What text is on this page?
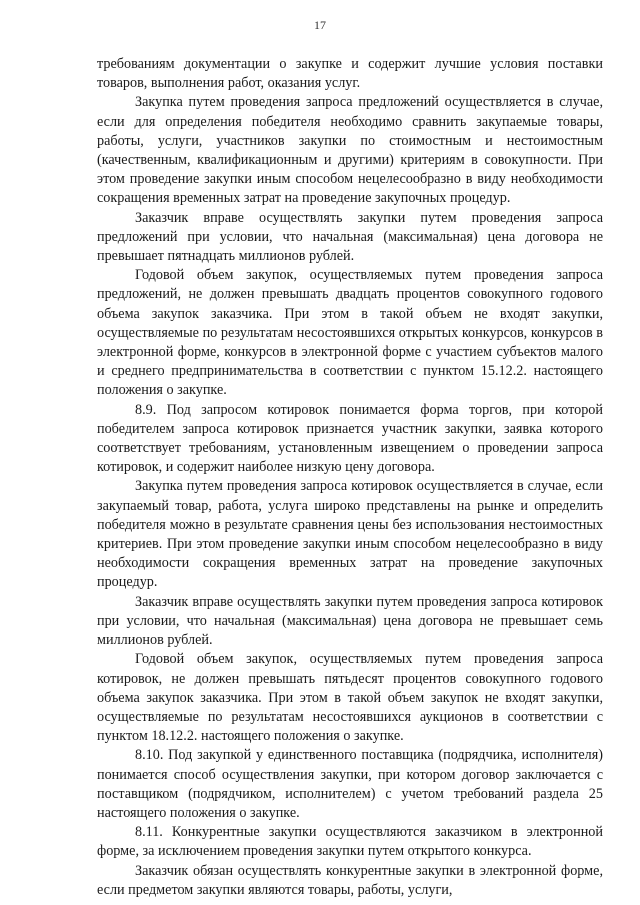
17

требованиям документации о закупке и содержит лучшие условия поставки товаров, выполнения работ, оказания услуг.

Закупка путем проведения запроса предложений осуществляется в случае, если для определения победителя необходимо сравнить закупаемые товары, работы, услуги, участников закупки по стоимостным и нестоимостным (качественным, квалификационным и другими) критериям в совокупности. При этом проведение закупки иным способом нецелесообразно в виду необходимости сокращения временных затрат на проведение закупочных процедур.

Заказчик вправе осуществлять закупки путем проведения запроса предложений при условии, что начальная (максимальная) цена договора не превышает пятнадцать миллионов рублей.

Годовой объем закупок, осуществляемых путем проведения запроса предложений, не должен превышать двадцать процентов совокупного годового объема закупок заказчика. При этом в такой объем не входят закупки, осуществляемые по результатам несостоявшихся открытых конкурсов, конкурсов в электронной форме, конкурсов в электронной форме с участием субъектов малого и среднего предпринимательства в соответствии с пунктом 15.12.2. настоящего положения о закупке.

8.9. Под запросом котировок понимается форма торгов, при которой победителем запроса котировок признается участник закупки, заявка которого соответствует требованиям, установленным извещением о проведении запроса котировок, и содержит наиболее низкую цену договора.

Закупка путем проведения запроса котировок осуществляется в случае, если закупаемый товар, работа, услуга широко представлены на рынке и определить победителя можно в результате сравнения цены без использования нестоимостных критериев. При этом проведение закупки иным способом нецелесообразно в виду необходимости сокращения временных затрат на проведение закупочных процедур.

Заказчик вправе осуществлять закупки путем проведения запроса котировок при условии, что начальная (максимальная) цена договора не превышает семь миллионов рублей.

Годовой объем закупок, осуществляемых путем проведения запроса котировок, не должен превышать пятьдесят процентов совокупного годового объема закупок заказчика. При этом в такой объем закупок не входят закупки, осуществляемые по результатам несостоявшихся аукционов в соответствии с пунктом 18.12.2. настоящего положения о закупке.

8.10. Под закупкой у единственного поставщика (подрядчика, исполнителя) понимается способ осуществления закупки, при котором договор заключается с поставщиком (подрядчиком, исполнителем) с учетом требований раздела 25 настоящего положения о закупке.

8.11. Конкурентные закупки осуществляются заказчиком в электронной форме, за исключением проведения закупки путем открытого конкурса.

Заказчик обязан осуществлять конкурентные закупки в электронной форме, если предметом закупки являются товары, работы, услуги,
